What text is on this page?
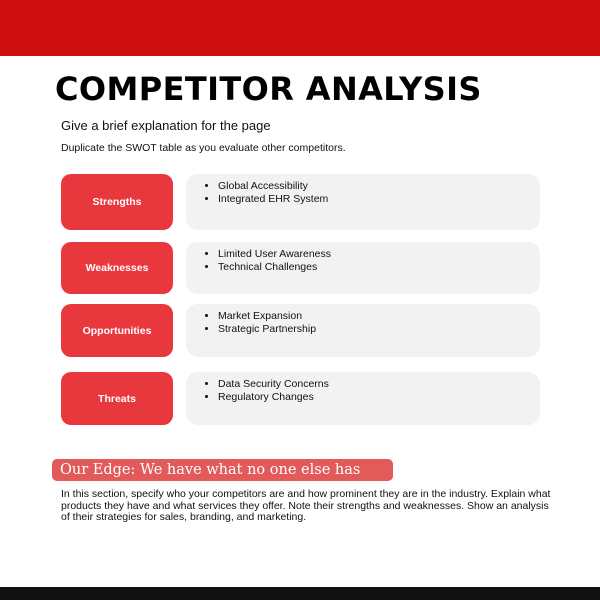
COMPETITOR ANALYSIS
Give a brief explanation for the page
Duplicate the SWOT table as you evaluate other competitors.
Strengths
• Global Accessibility
• Integrated EHR System
Weaknesses
• Limited User Awareness
• Technical Challenges
Opportunities
• Market Expansion
• Strategic Partnership
Threats
• Data Security Concerns
• Regulatory Changes
Our Edge: We have what no one else has
In this section, specify who your competitors are and how prominent they are in the industry. Explain what products they have and what services they offer. Note their strengths and weaknesses. Show an analysis of their strategies for sales, branding, and marketing.
